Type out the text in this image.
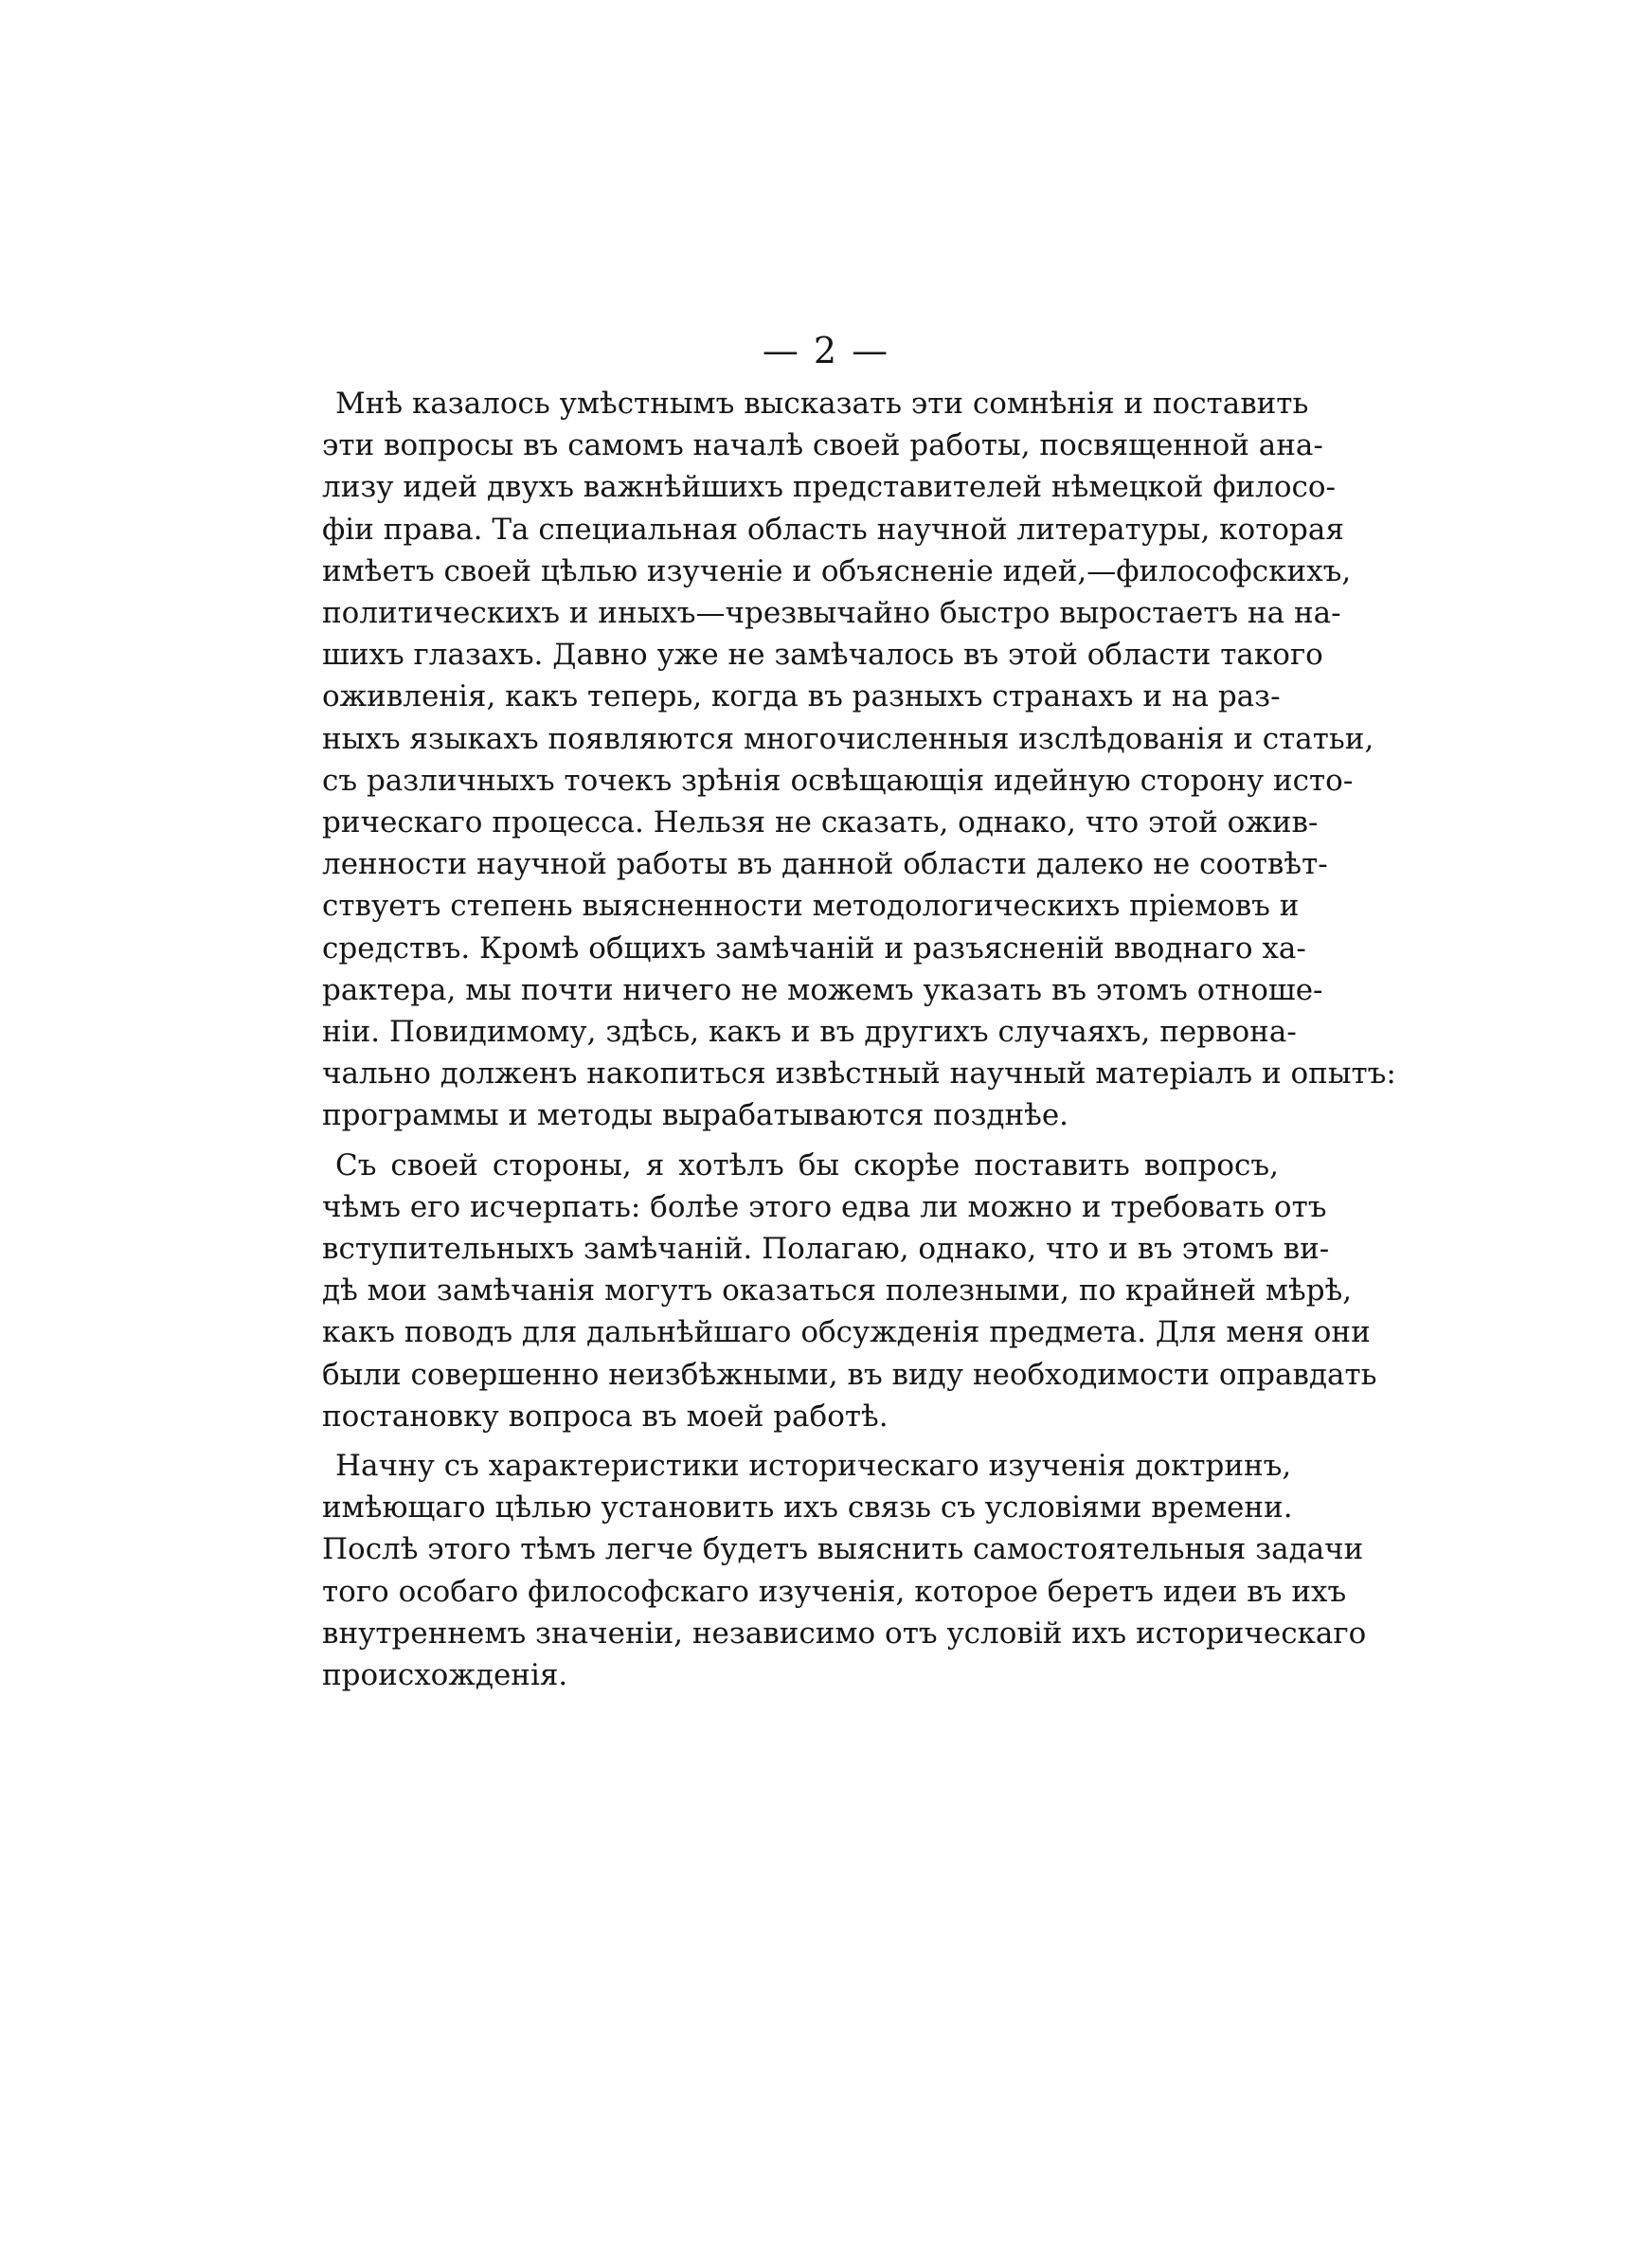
— 2 —

Мнѣ казалось умѣстнымъ высказать эти сомнѣнія и поставить
эти вопросы въ самомъ началѣ своей работы, посвященной ана-
лизу идей двухъ важнѣйшихъ представителей нѣмецкой филосо-
фіи права. Та специальная область научной литературы, которая
имѣетъ своей цѣлью изученіе и объясненіе идей,—философскихъ,
политическихъ и иныхъ—чрезвычайно быстро выростаетъ на на-
шихъ глазахъ. Давно уже не замѣчалось въ этой области такого
оживленія, какъ теперь, когда въ разныхъ странахъ и на раз-
ныхъ языкахъ появляются многочисленныя изслѣдованія и статьи,
съ различныхъ точекъ зрѣнія освѣщающія идейную сторону исто-
рическаго процесса. Нельзя не сказать, однако, что этой ожив-
ленности научной работы въ данной области далеко не соотвѣт-
ствуетъ степень выясненности методологическихъ пріемовъ и
средствъ. Кромѣ общихъ замѣчаній и разъясненій вводнаго ха-
рактера, мы почти ничего не можемъ указать въ этомъ отноше-
ніи. Повидимому, здѣсь, какъ и въ другихъ случаяхъ, первона-
чально долженъ накопиться извѣстный научный матеріалъ и опытъ:
программы и методы вырабатываются позднѣе.

Съ своей стороны, я хотѣлъ бы скорѣе поставить вопросъ,
чѣмъ его исчерпать: болѣе этого едва ли можно и требовать отъ
вступительныхъ замѣчаній. Полагаю, однако, что и въ этомъ ви-
дѣ мои замѣчанія могутъ оказаться полезными, по крайней мѣрѣ,
какъ поводъ для дальнѣйшаго обсужденія предмета. Для меня они
были совершенно неизбѣжными, въ виду необходимости оправдать
постановку вопроса въ моей работѣ.

Начну съ характеристики историческаго изученія доктринъ,
имѣющаго цѣлью установить ихъ связь съ условіями времени.
Послѣ этого тѣмъ легче будетъ выяснить самостоятельныя задачи
того особаго философскаго изученія, которое беретъ идеи въ ихъ
внутреннемъ значеніи, независимо отъ условій ихъ историческаго
происхожденія.
